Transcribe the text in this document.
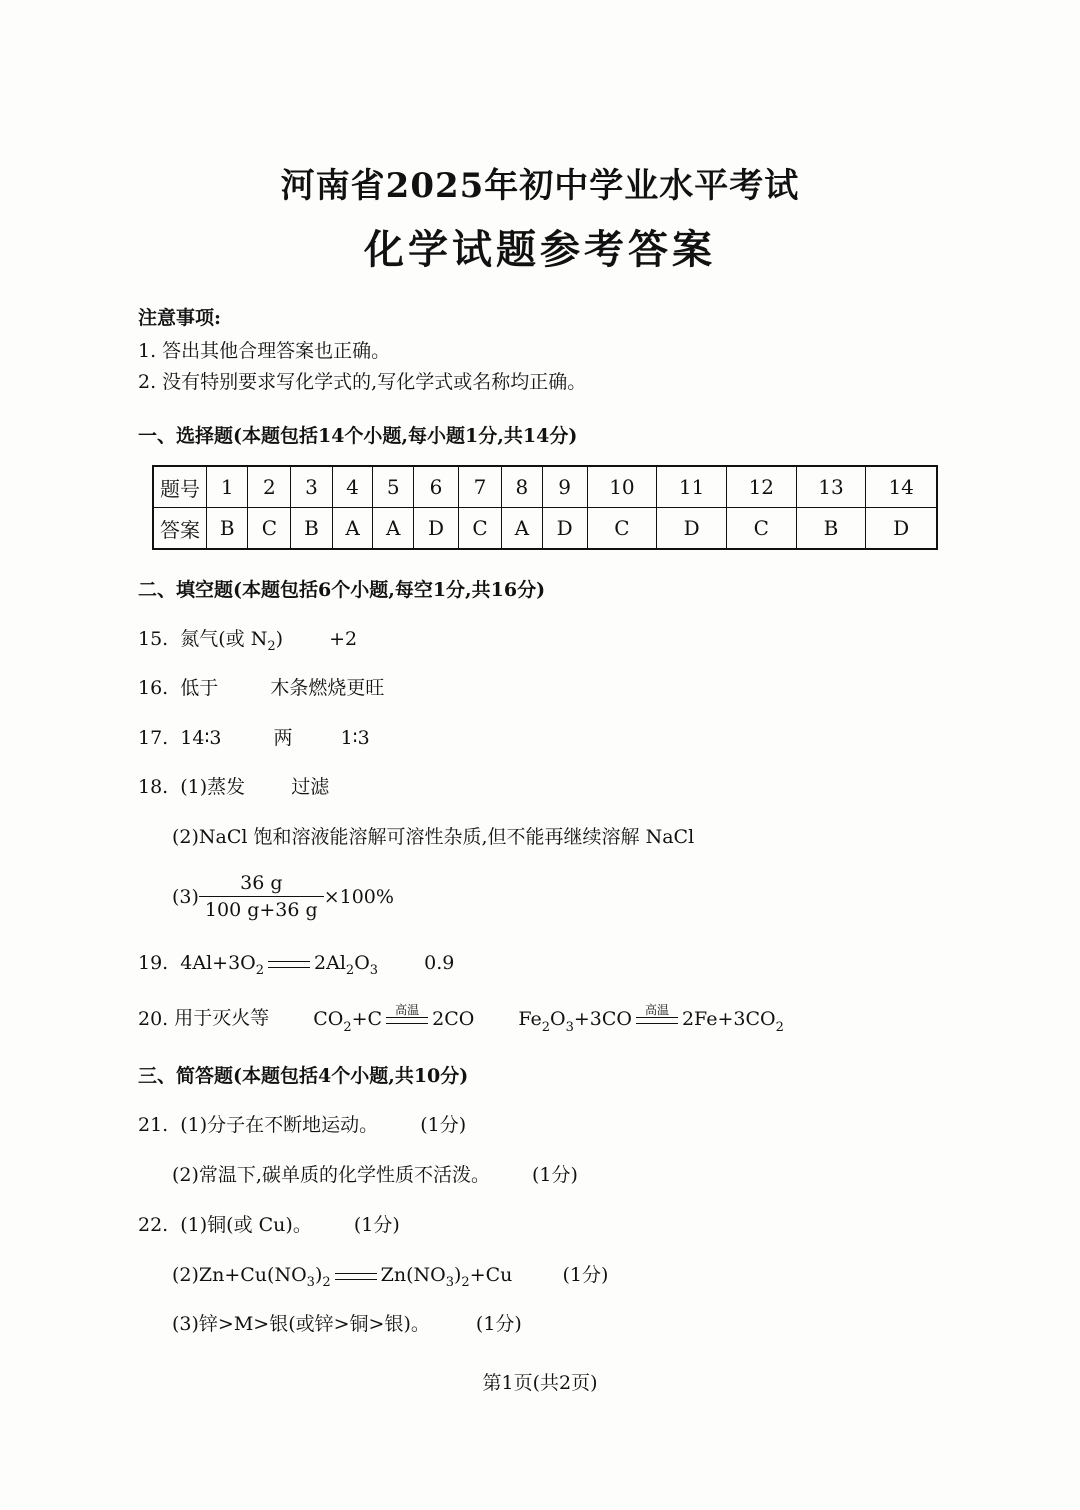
河南省2025年初中学业水平考试
化学试题参考答案
注意事项:
1. 答出其他合理答案也正确。
2. 没有特别要求写化学式的,写化学式或名称均正确。
一、选择题(本题包括14个小题,每小题1分,共14分)
题号	1	2	3	4	5	6	7	8	9	10	11	12	13	14
答案	B	C	B	A	A	D	C	A	D	C	D	C	B	D
二、填空题(本题包括6个小题,每空1分,共16分)
15. 氮气(或 $N_2) +2$
16. 低于	木条燃烧更旺
17. 14∶3	两	1∶3
18. (1)蒸发 过滤
(2)NaCl 饱和溶液能溶解可溶性杂质,但不能再继续溶解 NaCl
$(3) \frac{36 g}{100 g+36 g} \times 100\%$
19. $4Al+3O_2$	$2Al_2O_3$ 0.9
20. 用于灭火等 CO 2 +C 高温 2CO Fe 2 O 3 +3CO 高温 2Fe+3CO 2
三、简答题(本题包括4个小题,共10分)
21. (1)分子在不断地运动。 (1分)
(2)常温下,碳单质的化学性质不活泼。 (1分)
22. (1)铜(或 Cu)。 (1分)
$(2)Zn+Cu(NO_3)_2$	$Zn(NO_3)_2+Cu$	(1分)
(3)锌>M>银(或锌>铜>银)。 (1分)
第1页(共2页)
